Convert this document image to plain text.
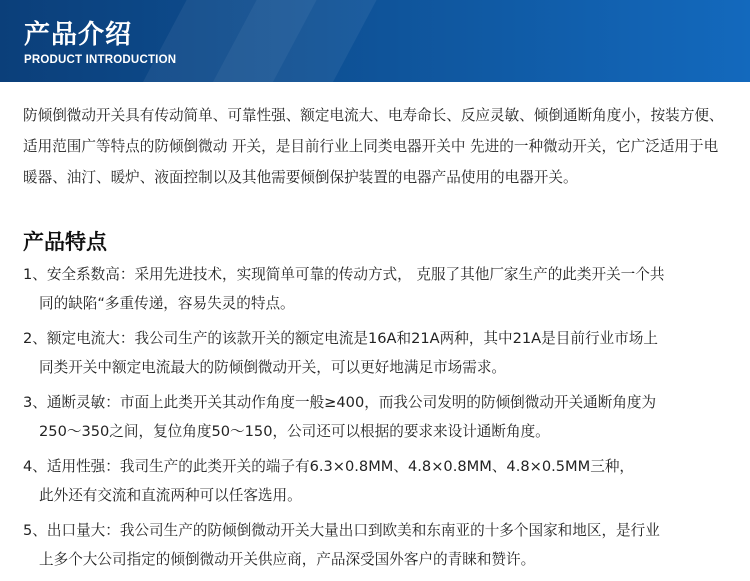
产品介绍
PRODUCT INTRODUCTION
防倾倒微动开关具有传动简单、可靠性强、额定电流大、电寿命长、反应灵敏、倾倒通断角度小，按装方便、适用范围广等特点的防倾倒微动 开关，是目前行业上同类电器开关中 先进的一种微动开关，它广泛适用于电暖器、油汀、暖炉、液面控制以及其他需要倾倒保护装置的电器产品使用的电器开关。
产品特点
1、安全系数高：采用先进技术，实现简单可靠的传动方式， 克服了其他厂家生产的此类开关一个共
同的缺陷“多重传递，容易失灵的特点。
2、额定电流大：我公司生产的该款开关的额定电流是16A和21A两种，其中21A是目前行业市场上
同类开关中额定电流最大的防倾倒微动开关，可以更好地满足市场需求。
3、通断灵敏：市面上此类开关其动作角度一般≥400，而我公司发明的防倾倒微动开关通断角度为
250～350之间，复位角度50～150，公司还可以根据的要求来设计通断角度。
4、适用性强：我司生产的此类开关的端子有6.3×0.8MM、4.8×0.8MM、4.8×0.5MM三种，
此外还有交流和直流两种可以任客选用。
5、出口量大：我公司生产的防倾倒微动开关大量出口到欧美和东南亚的十多个国家和地区，是行业
上多个大公司指定的倾倒微动开关供应商，产品深受国外客户的青睐和赞许。
